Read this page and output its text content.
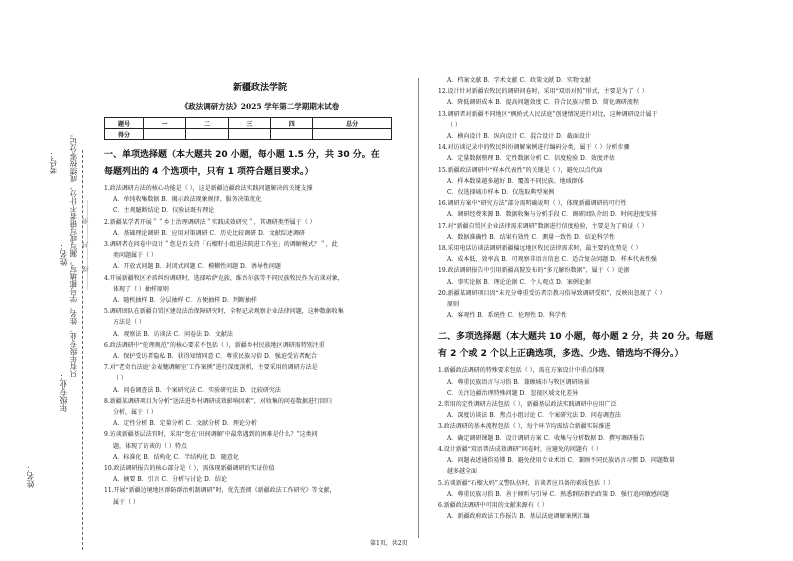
年级专业：
只有年级专业、姓名、学号都填写，漏写或写错者不计分，成绩按零分记。
姓名：
考号：
姓名：
………线………封………密………
新疆政法学院
《政法调研方法》2025 学年第二学期期末试卷
题号	一	二	三	四	总分
得分					
一、单项选择题（本大题共 20 小题，每小题 1.5 分，共 30 分。在
每题列出的 4 个选项中，只有 1 项符合题目要求。）

1.政法调研方法的核心功能是（ ），这是新疆边疆政法实践问题解决的关键支撑

A．单纯收集数据 B．揭示政法现象规律、服务决策优化

C．主观臆断结论 D．仅验证既有理论

2.新疆某学者开展＂＂乡土治理调研法＂实践成效研究＂，其调研类型属于（ ）

A．基础理论调研 B．应用对策调研 C．历史比较调研 D．文献综述调研

3.调研者在问卷中设计＂您是否支持「石榴籽小组进法院进工作室」的调解模式？＂，此

类问题属于（ ）

A．开放式问题 B．封闭式问题 C．模糊性问题 D．诱导性问题

4.开展新疆牧区矛盾纠纷调研时，选择哈萨克族、维吾尔族等不同民族牧民作为访谈对象，

体现了（ ）抽样原则

A．随机抽样 B．分层抽样 C．方便抽样 D．判断抽样

5.调研团队在新疆自贸区建设法治保障研究时，全程记录观察企业法律问题，这种数据收集

方法是（ ）

A．观察法 B．访谈法 C．问卷法 D．文献法

6.政法调研中“伦理规范”的核心要求不包括（ ），新疆乡村民族地区调研需特别注重

A．保护受访者隐私 B．获得知情同意 C．尊重民族习俗 D．强迫受访者配合

7.对“老奇台法庭‘金麦穗调解室’工作案例”进行深度剖析，主要采用的调研方法是

（ ）

A．问卷调查法 B．个案研究法 C．实验研究法 D．比较研究法

8.新疆某调研项目为分析“送法进乡村调研成效影响因素”，对收集的问卷数据进行回归

分析，属于（ ）

A．定性分析 B．定量分析 C．文献分析 D．理论分析

9.访谈新疆基层法官时，采用“您在‘田间调解’中最常遇到的困难是什么？”这类问

题，体现了访谈的（ ）特点

A．标准化 B．结构化 C．半结构化 D．随意化

10.政法调研报告的核心部分是（ ），需体现新疆调研的实证价值

A．摘要 B．引言 C．分析与讨论 D．结论

11.开展“新疆边境地区群防群治机制调研”时，优先查阅《新疆政法工作研究》等文献，

属于（ ）

A．档案文献 B．学术文献 C．政策文献 D．实物文献

12.设计针对新疆农牧民的调研问卷时，采用“双语对照”形式，主要是为了（ ）

A．降低调研成本 B．提高问题效度 C．符合民族习惯 D．简化调研流程

13.调研者对新疆不同地区“枫桥式人民法庭”创建情况进行对比，这种调研设计属于

（ ）

A．横向设计 B．纵向设计 C．混合设计 D．截面设计

14.对访谈记录中的牧民纠纷调解案例进行编码分类，属于（ ）分析步骤

A．定量数据整理 B．定性数据分析 C．信度检验 D．效度评估

15.新疆政法调研中“样本代表性”的关键是（ ），避免以点代面

A．样本数量越多越好 B．覆盖不同民族、地域群体

C．仅选择城市样本 D．仅选取典型案例

16.调研方案中“研究方法”部分需明确说明（ ），体现新疆调研的可行性

A．调研经费来源 B．数据收集与分析手段 C．调研团队介绍 D．时间进度安排

17.对“新疆自贸区企业法律需求调研”数据进行信度检验，主要是为了验证（ ）

A．数据准确性 B．结果有效性 C．测量一致性 D．结论科学性

18.采用电话访谈法调研新疆偏远地区牧民法律需求时，最主要的优势是（ ）

A．成本低、效率高 B．可观察非语言信息 C．适合复杂问题 D．样本代表性强

19.政法调研报告中引用新疆高院发布的“多元解纷数据”，属于（ ）论据

A．事实论据 B．理论论据 C．个人观点 D．案例论据

20.新疆某调研项目因“未充分尊重受访者宗教习俗导致调研受阻”，反映出忽视了（ ）

原则

A．客观性 B．系统性 C．伦理性 D．科学性

二、多项选择题（本大题共 10 小题，每小题 2 分，共 20 分。每题
有 2 个或 2 个以上正确选项，多选、少选、错选均不得分。）

1.新疆政法调研的特殊要求包括（ ），需在方案设计中重点体现

A．尊重民族语言与习俗 B．兼顾城市与牧区调研场景

C．关注边疆治理特殊问题 D．忽视区域文化差异

2.常用的定性调研方法包括（ ），新疆基层政法实践调研中应用广泛

A．深度访谈法 B．焦点小组讨论 C．个案研究法 D．问卷调查法

3.政法调研的基本流程包括（ ），每个环节均需结合新疆实际推进

A．确定调研课题 B．设计调研方案 C．收集与分析数据 D．撰写调研报告

4.设计新疆“双语普法成效调研”问卷时，应避免的问题有（ ）

A．问题表述通俗易懂 B．避免使用专业术语 C．兼顾不同民族语言习惯 D．问题数量

越多越全面

5.访谈新疆“石榴大妈”义警队伍时，访谈者应具备的素质包括（ ）

A．尊重民族习俗 B．善于倾听与引导 C．熟悉群防群治政策 D．强行追问敏感问题

6.新疆政法调研中可用的文献来源有（ ）

A．新疆政府政法工作报告 B．基层法庭调解案例汇编

第1页，共2页
